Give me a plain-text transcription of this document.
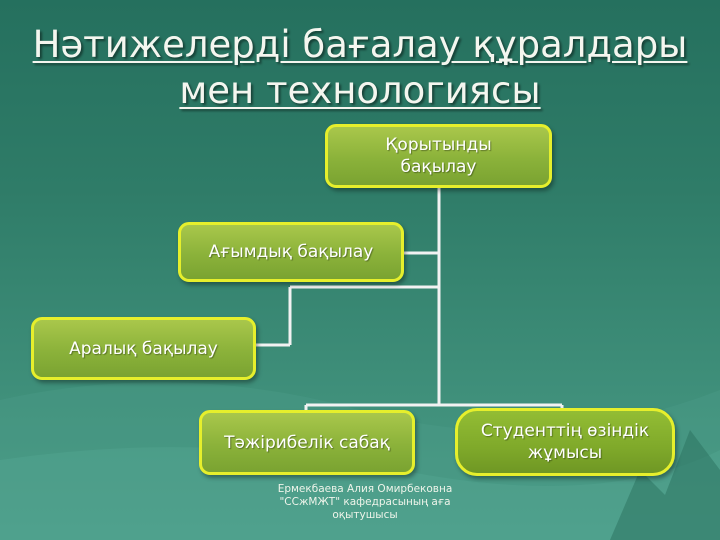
Нәтижелерді бағалау құралдары
мен технологиясы
Қорытынды бақылау
Ағымдық бақылау
Аралық бақылау
Тәжірибелік сабақ
Студенттің өзіндік жұмысы
Ермекбаева Алия Омирбековна "ССжМЖТ" кафедрасының аға оқытушысы
